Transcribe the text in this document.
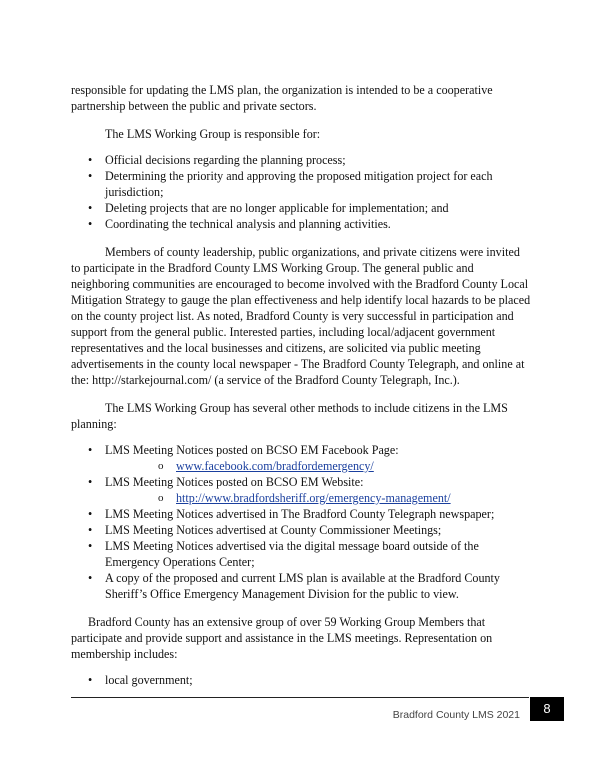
responsible for updating the LMS plan, the organization is intended to be a cooperative partnership between the public and private sectors.

The LMS Working Group is responsible for:

• Official decisions regarding the planning process;
• Determining the priority and approving the proposed mitigation project for each jurisdiction;
• Deleting projects that are no longer applicable for implementation; and
• Coordinating the technical analysis and planning activities.

Members of county leadership, public organizations, and private citizens were invited to participate in the Bradford County LMS Working Group. The general public and neighboring communities are encouraged to become involved with the Bradford County Local Mitigation Strategy to gauge the plan effectiveness and help identify local hazards to be placed on the county project list. As noted, Bradford County is very successful in participation and support from the general public. Interested parties, including local/adjacent government representatives and the local businesses and citizens, are solicited via public meeting advertisements in the county local newspaper - The Bradford County Telegraph, and online at the: http://starkejournal.com/ (a service of the Bradford County Telegraph, Inc.).

The LMS Working Group has several other methods to include citizens in the LMS planning:

• LMS Meeting Notices posted on BCSO EM Facebook Page:
o www.facebook.com/bradfordemergency/
• LMS Meeting Notices posted on BCSO EM Website:
o http://www.bradfordsheriff.org/emergency-management/
• LMS Meeting Notices advertised in The Bradford County Telegraph newspaper;
• LMS Meeting Notices advertised at County Commissioner Meetings;
• LMS Meeting Notices advertised via the digital message board outside of the Emergency Operations Center;
• A copy of the proposed and current LMS plan is available at the Bradford County Sheriff’s Office Emergency Management Division for the public to view.

Bradford County has an extensive group of over 59 Working Group Members that participate and provide support and assistance in the LMS meetings. Representation on membership includes:

• local government;
Bradford County LMS 2021	8
